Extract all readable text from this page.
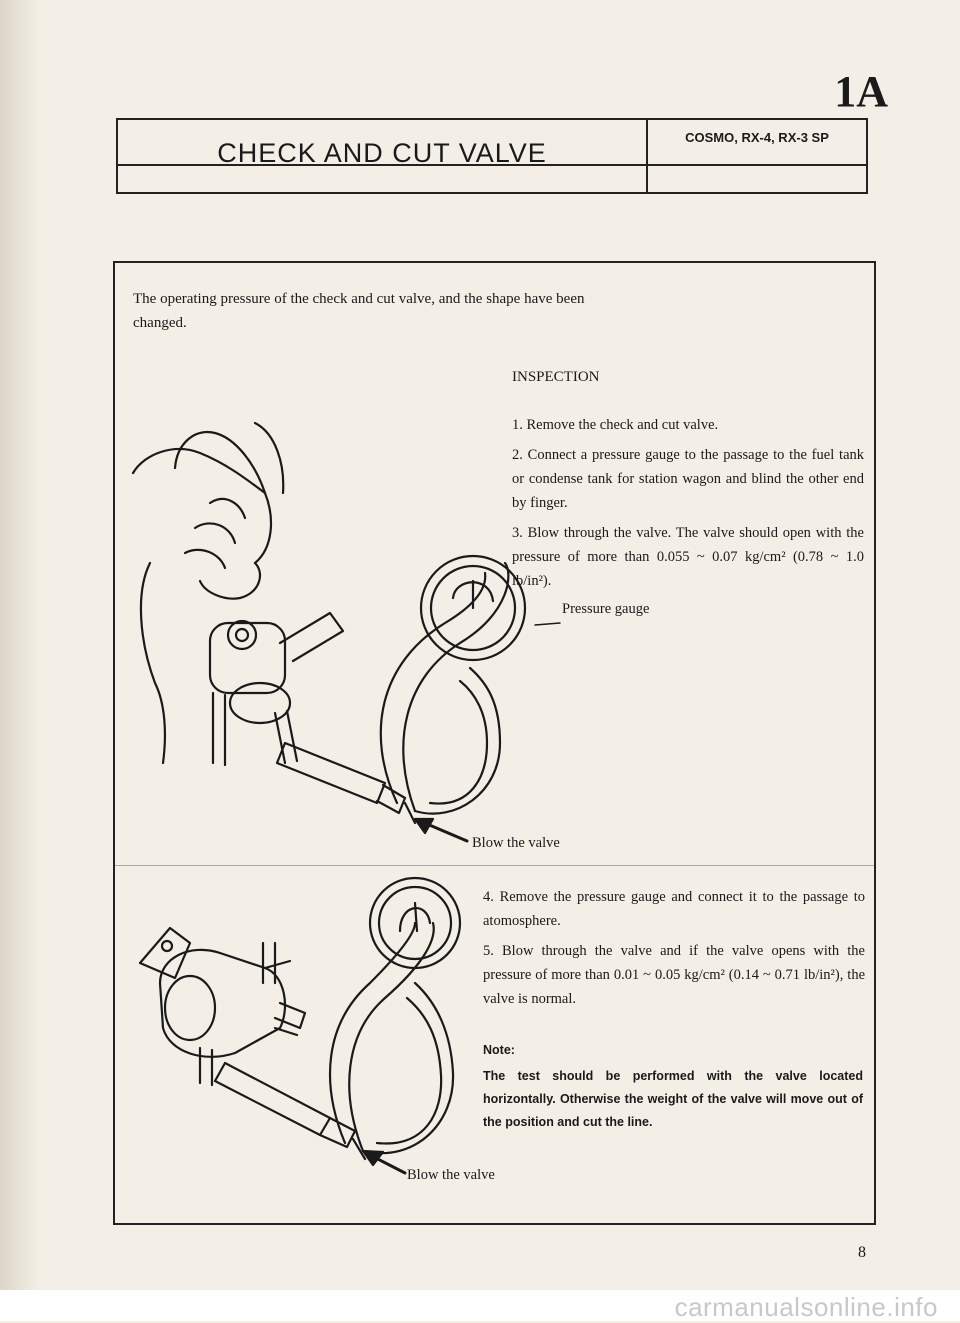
1A
CHECK AND CUT VALVE
COSMO, RX-4, RX-3 SP
The operating pressure of the check and cut valve, and the shape have been changed.
INSPECTION

1. Remove the check and cut valve.

2. Connect a pressure gauge to the passage to the fuel tank or condense tank for station wagon and blind the other end by finger.

3. Blow through the valve. The valve should open with the pressure of more than 0.055 ~ 0.07 kg/cm² (0.78 ~ 1.0 lb/in²).

Pressure gauge
Blow the valve

4. Remove the pressure gauge and connect it to the passage to atomosphere.

5. Blow through the valve and if the valve opens with the pressure of more than 0.01 ~ 0.05 kg/cm² (0.14 ~ 0.71 lb/in²), the valve is normal.

Note:
The test should be performed with the valve located horizontally. Otherwise the weight of the valve will move out of the position and cut the line.
Blow the valve
8
carmanualsonline.info
